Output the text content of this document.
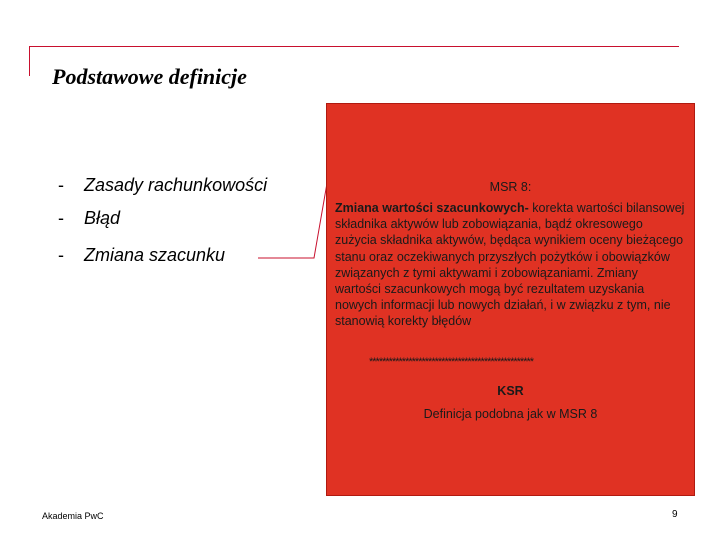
Podstawowe definicje
- Zasady rachunkowości
- Błąd
- Zmiana szacunku
MSR 8:
Zmiana wartości szacunkowych- korekta wartości bilansowej składnika aktywów lub zobowiązania, bądź okresowego zużycia składnika aktywów, będąca wynikiem oceny bieżącego stanu oraz oczekiwanych przyszłych pożytków i obowiązków związanych z tymi aktywami i zobowiązaniami. Zmiany wartości szacunkowych mogą być rezultatem uzyskania nowych informacji lub nowych działań, i w związku z tym, nie stanowią korekty błędów
**************************************************
KSR
Definicja podobna jak w MSR 8
Akademia PwC	9
